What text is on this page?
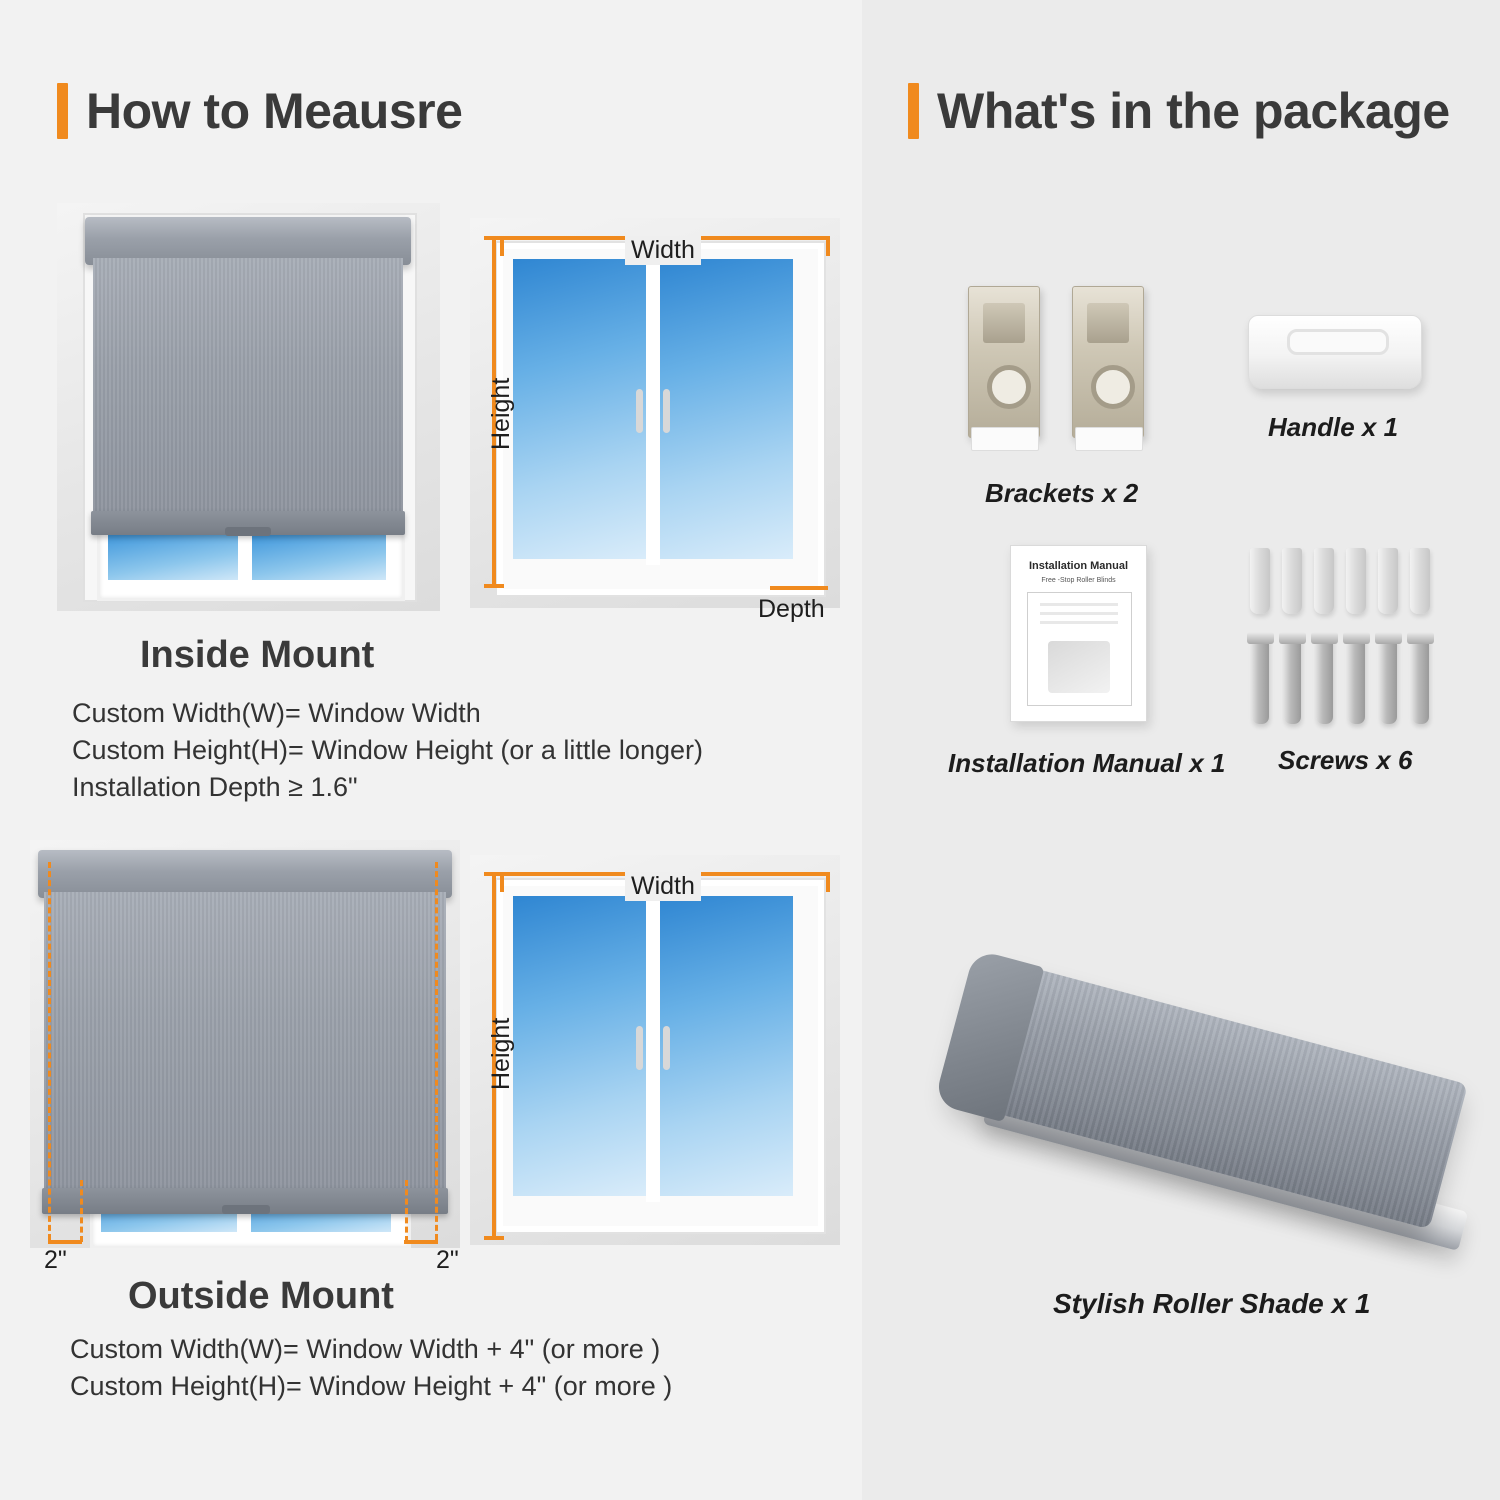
How to Meausre	What's in the package
Height
Width
Depth
Inside Mount
Custom Width(W)= Window Width
Custom Height(H)= Window Height (or a little longer)
Installation Depth ≥ 1.6"
2"	2"
Height
Width
Outside Mount
Custom Width(W)= Window Width + 4" (or more )
Custom Height(H)= Window Height + 4" (or more )
Brackets x 2
Handle x 1
Installation Manual
Free -Stop Roller Blinds
Installation Manual x 1 Screws x 6
Stylish Roller Shade x 1
